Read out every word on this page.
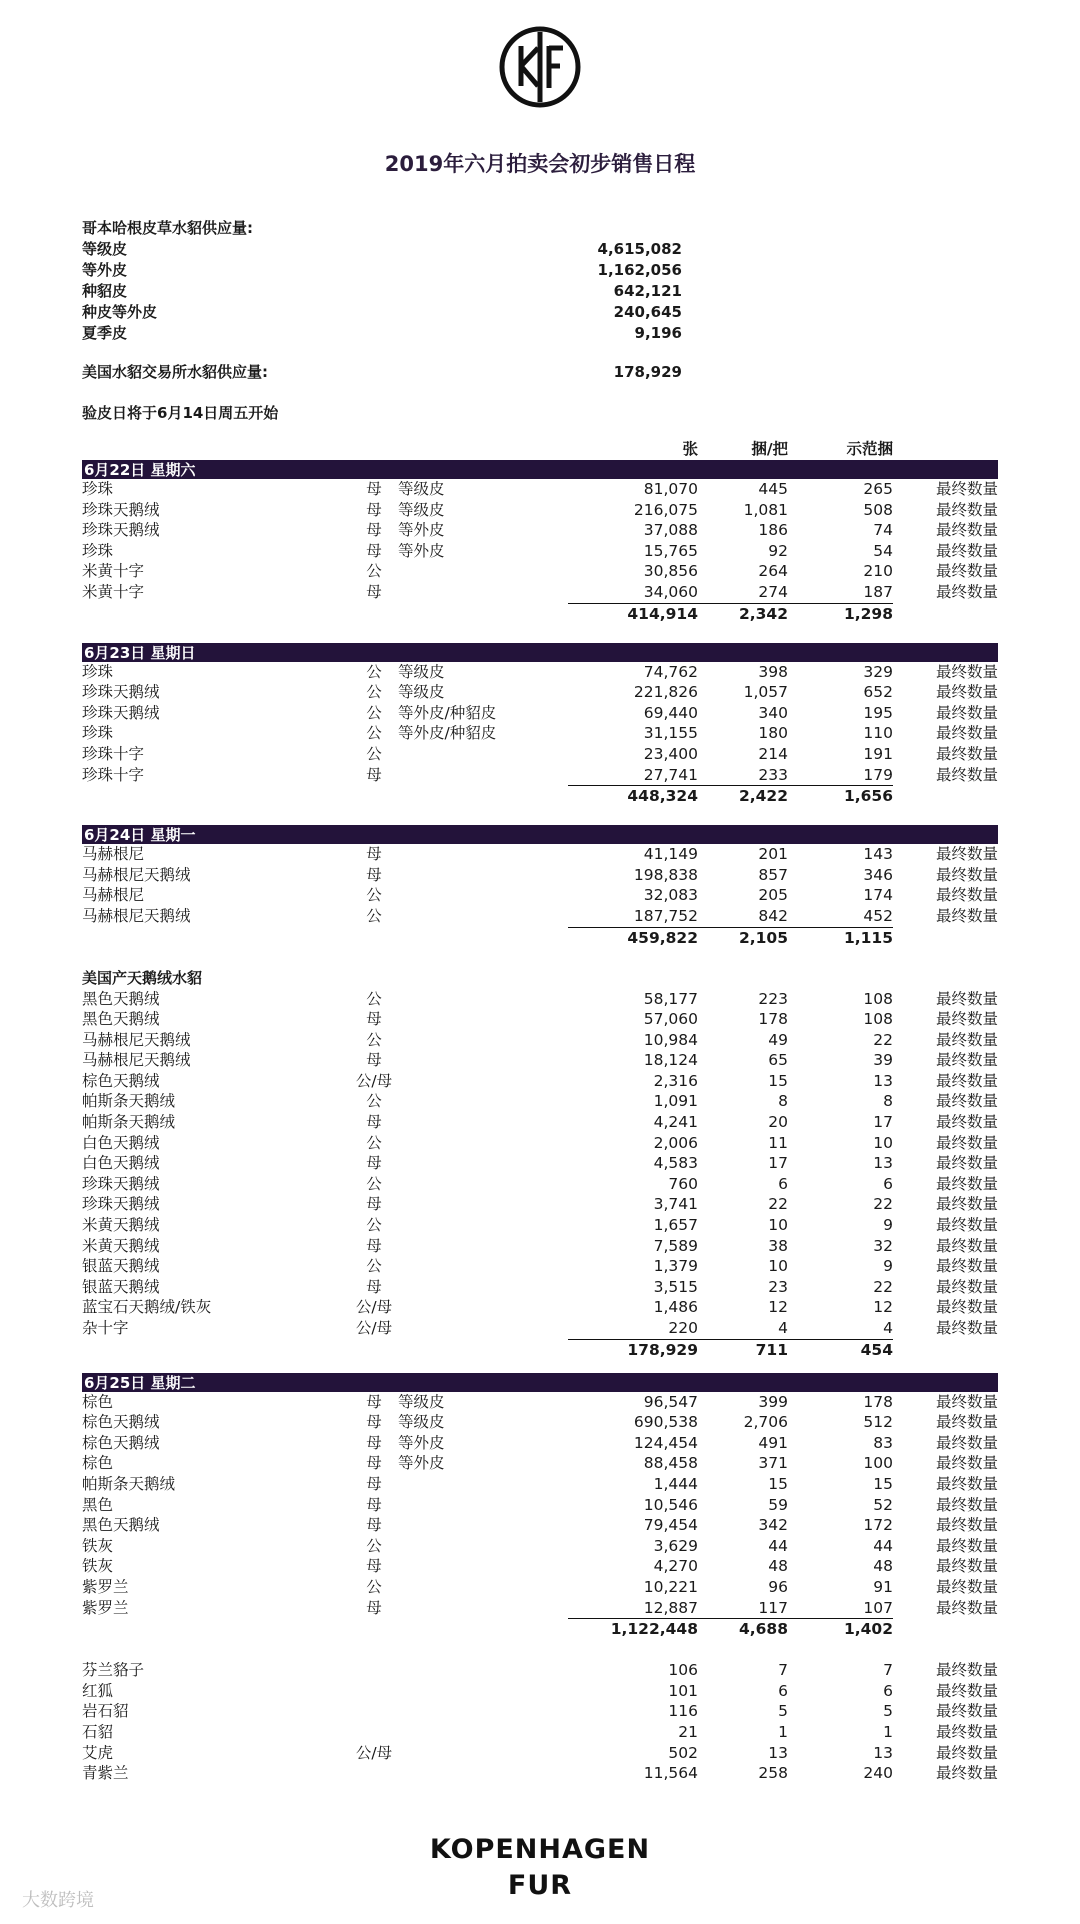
2019年六月拍卖会初步销售日程
哥本哈根皮草水貂供应量:
等级皮	4,615,082
等外皮	1,162,056
种貂皮	642,121
种皮等外皮	240,645
夏季皮	9,196
美国水貂交易所水貂供应量:	178,929
验皮日将于6月14日周五开始
张	捆/把	示范捆
6月22日 星期六
珍珠	母	等级皮	81,070	445	265	最终数量
珍珠天鹅绒	母	等级皮	216,075	1,081	508	最终数量
珍珠天鹅绒	母	等外皮	37,088	186	74	最终数量
珍珠	母	等外皮	15,765	92	54	最终数量
米黄十字	公	30,856	264	210	最终数量
米黄十字	母	34,060	274	187	最终数量
414,914	2,342	1,298
6月23日 星期日
珍珠	公	等级皮	74,762	398	329	最终数量
珍珠天鹅绒	公	等级皮	221,826	1,057	652	最终数量
珍珠天鹅绒	公	等外皮/种貂皮	69,440	340	195	最终数量
珍珠	公	等外皮/种貂皮	31,155	180	110	最终数量
珍珠十字	公	23,400	214	191	最终数量
珍珠十字	母	27,741	233	179	最终数量
448,324	2,422	1,656
6月24日 星期一
马赫根尼	母	41,149	201	143	最终数量
马赫根尼天鹅绒	母	198,838	857	346	最终数量
马赫根尼	公	32,083	205	174	最终数量
马赫根尼天鹅绒	公	187,752	842	452	最终数量
459,822	2,105	1,115
美国产天鹅绒水貂
黑色天鹅绒	公	58,177	223	108	最终数量
黑色天鹅绒	母	57,060	178	108	最终数量
马赫根尼天鹅绒	公	10,984	49	22	最终数量
马赫根尼天鹅绒	母	18,124	65	39	最终数量
棕色天鹅绒	公/母	2,316	15	13	最终数量
帕斯条天鹅绒	公	1,091	8	8	最终数量
帕斯条天鹅绒	母	4,241	20	17	最终数量
白色天鹅绒	公	2,006	11	10	最终数量
白色天鹅绒	母	4,583	17	13	最终数量
珍珠天鹅绒	公	760	6	6	最终数量
珍珠天鹅绒	母	3,741	22	22	最终数量
米黄天鹅绒	公	1,657	10	9	最终数量
米黄天鹅绒	母	7,589	38	32	最终数量
银蓝天鹅绒	公	1,379	10	9	最终数量
银蓝天鹅绒	母	3,515	23	22	最终数量
蓝宝石天鹅绒/铁灰	公/母	1,486	12	12	最终数量
杂十字	公/母	220	4	4	最终数量
178,929	711	454
6月25日 星期二
棕色	母	等级皮	96,547	399	178	最终数量
棕色天鹅绒	母	等级皮	690,538	2,706	512	最终数量
棕色天鹅绒	母	等外皮	124,454	491	83	最终数量
棕色	母	等外皮	88,458	371	100	最终数量
帕斯条天鹅绒	母	1,444	15	15	最终数量
黑色	母	10,546	59	52	最终数量
黑色天鹅绒	母	79,454	342	172	最终数量
铁灰	公	3,629	44	44	最终数量
铁灰	母	4,270	48	48	最终数量
紫罗兰	公	10,221	96	91	最终数量
紫罗兰	母	12,887	117	107	最终数量
1,122,448	4,688	1,402
芬兰貉子	106	7	7	最终数量
红狐	101	6	6	最终数量
岩石貂	116	5	5	最终数量
石貂	21	1	1	最终数量
艾虎	公/母	502	13	13	最终数量
青紫兰	11,564	258	240	最终数量
KOPENHAGEN
FUR
大数跨境
